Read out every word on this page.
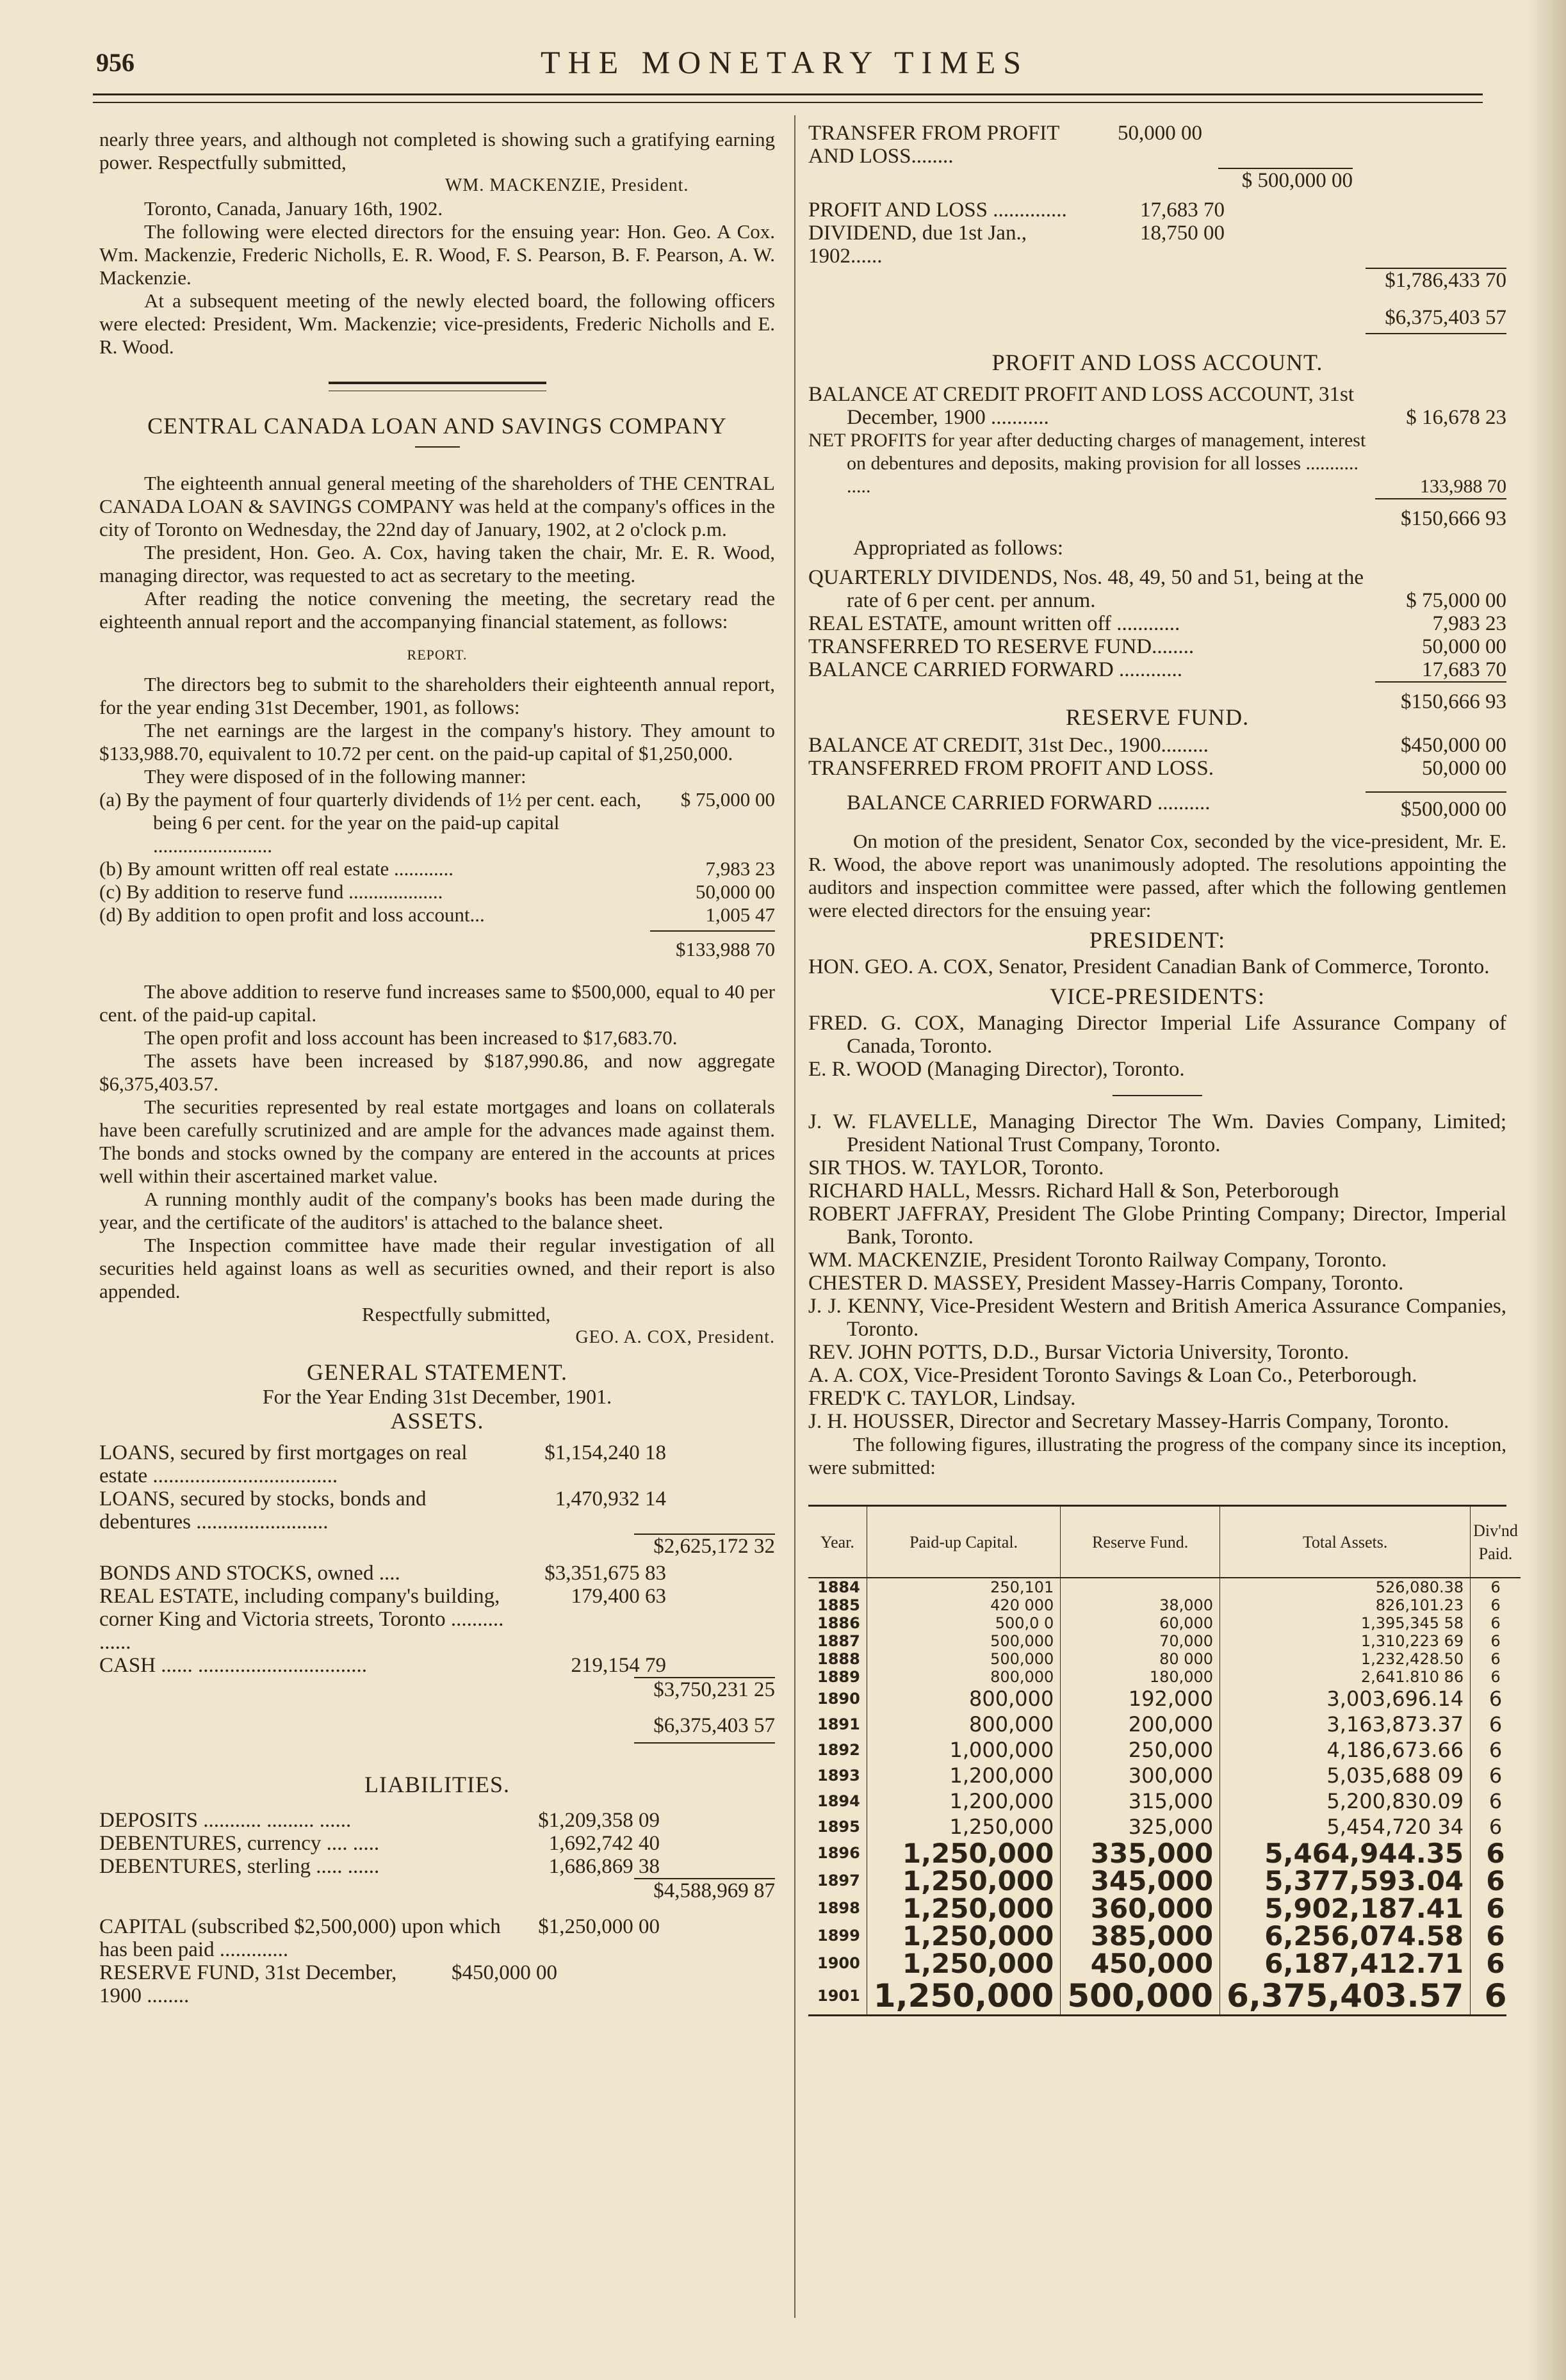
956	THE MONETARY TIMES

nearly three years, and although not completed is showing such a gratifying earning power. Respectfully submitted,

WM. MACKENZIE, President.

Toronto, Canada, January 16th, 1902.

The following were elected directors for the ensuing year: Hon. Geo. A Cox. Wm. Mackenzie, Frederic Nicholls, E. R. Wood, F. S. Pearson, B. F. Pearson, A. W. Mackenzie.

At a subsequent meeting of the newly elected board, the following officers were elected: President, Wm. Mackenzie; vice-presidents, Frederic Nicholls and E. R. Wood.

CENTRAL CANADA LOAN AND SAVINGS COMPANY

The eighteenth annual general meeting of the shareholders of THE CENTRAL CANADA LOAN & SAVINGS COMPANY was held at the company's offices in the city of Toronto on Wednesday, the 22nd day of January, 1902, at 2 o'clock p.m.

The president, Hon. Geo. A. Cox, having taken the chair, Mr. E. R. Wood, managing director, was requested to act as secretary to the meeting.

After reading the notice convening the meeting, the secretary read the eighteenth annual report and the accompanying financial statement, as follows:

REPORT.

The directors beg to submit to the shareholders their eighteenth annual report, for the year ending 31st December, 1901, as follows:

The net earnings are the largest in the company's history. They amount to $133,988.70, equivalent to 10.72 per cent. on the paid-up capital of $1,250,000.

They were disposed of in the following manner:

(a) By the payment of four quarterly dividends of 1½ per cent. each, being 6 per cent. for the year on the paid-up capital ........................
$ 75,000 00
(b) By amount written off real estate ............	7,983 23
(c) By addition to reserve fund ...................	50,000 00
(d) By addition to open profit and loss account...	1,005 47
$133,988 70

The above addition to reserve fund increases same to $500,000, equal to 40 per cent. of the paid-up capital.

The open profit and loss account has been increased to $17,683.70.

The assets have been increased by $187,990.86, and now aggregate $6,375,403.57.

The securities represented by real estate mortgages and loans on collaterals have been carefully scrutinized and are ample for the advances made against them. The bonds and stocks owned by the company are entered in the accounts at prices well within their ascertained market value.

A running monthly audit of the company's books has been made during the year, and the certificate of the auditors' is attached to the balance sheet.

The Inspection committee have made their regular investigation of all securities held against loans as well as securities owned, and their report is also appended.

Respectfully submitted,

GEO. A. COX, President.

GENERAL STATEMENT.
For the Year Ending 31st December, 1901.
ASSETS.
LOANS, secured by first mortgages on real estate ...................................
$1,154,240 18
LOANS, secured by stocks, bonds and debentures .........................
1,470,932 14
$2,625,172 32
BONDS AND STOCKS, owned ....	$3,351,675 83
REAL ESTATE, including company's building, corner King and Victoria streets, Toronto .......... ......
179,400 63
CASH ...... ................................	219,154 79
$3,750,231 25
$6,375,403 57
LIABILITIES.
DEPOSITS ........... ......... ......	$1,209,358 09
DEBENTURES, currency .... .....	1,692,742 40
DEBENTURES, sterling ..... ......	1,686,869 38
$4,588,969 87
CAPITAL (subscribed $2,500,000) upon which has been paid .............
$1,250,000 00
RESERVE FUND, 31st December, 1900 ........
$450,000 00
TRANSFER FROM PROFIT AND LOSS........
50,000 00
$ 500,000 00
PROFIT AND LOSS ..............	17,683 70
DIVIDEND, due 1st Jan., 1902......
18,750 00
$1,786,433 70
$6,375,403 57
PROFIT AND LOSS ACCOUNT.
BALANCE AT CREDIT PROFIT AND LOSS ACCOUNT, 31st December, 1900 ...........	$ 16,678 23
NET PROFITS for year after deducting charges of management, interest on debentures and deposits, making provision for all losses ........... .....	133,988 70
$150,666 93

Appropriated as follows:

QUARTERLY DIVIDENDS, Nos. 48, 49, 50 and 51, being at the rate of 6 per cent. per annum.	$ 75,000 00
REAL ESTATE, amount written off ............	7,983 23
TRANSFERRED TO RESERVE FUND........	50,000 00
BALANCE CARRIED FORWARD ............	17,683 70
$150,666 93
RESERVE FUND.
BALANCE AT CREDIT, 31st Dec., 1900.........	$450,000 00
TRANSFERRED FROM PROFIT AND LOSS.	50,000 00
BALANCE CARRIED FORWARD ..........	$500,000 00

On motion of the president, Senator Cox, seconded by the vice-president, Mr. E. R. Wood, the above report was unanimously adopted. The resolutions appointing the auditors and inspection committee were passed, after which the following gentlemen were elected directors for the ensuing year:

PRESIDENT:

HON. GEO. A. COX, Senator, President Canadian Bank of Commerce, Toronto.

VICE-PRESIDENTS:

FRED. G. COX, Managing Director Imperial Life Assurance Company of Canada, Toronto.

E. R. WOOD (Managing Director), Toronto.

J. W. FLAVELLE, Managing Director The Wm. Davies Company, Limited; President National Trust Company, Toronto.

SIR THOS. W. TAYLOR, Toronto.

RICHARD HALL, Messrs. Richard Hall & Son, Peterborough

ROBERT JAFFRAY, President The Globe Printing Company; Director, Imperial Bank, Toronto.

WM. MACKENZIE, President Toronto Railway Company, Toronto.

CHESTER D. MASSEY, President Massey-Harris Company, Toronto.

J. J. KENNY, Vice-President Western and British America Assurance Companies, Toronto.

REV. JOHN POTTS, D.D., Bursar Victoria University, Toronto.

A. A. COX, Vice-President Toronto Savings & Loan Co., Peterborough.

FRED'K C. TAYLOR, Lindsay.

J. H. HOUSSER, Director and Secretary Massey-Harris Company, Toronto.

The following figures, illustrating the progress of the company since its inception, were submitted:

Year.	Paid-up Capital.	Reserve Fund.	Total Assets.	Div'nd Paid.
1884	250,101		526,080.38	6
1885	420 000	38,000	826,101.23	6
1886	500,0 0	60,000	1,395,345 58	6
1887	500,000	70,000	1,310,223 69	6
1888	500,000	80 000	1,232,428.50	6
1889	800,000	180,000	2,641.810 86	6
1890	800,000	192,000	3,003,696.14	6
1891	800,000	200,000	3,163,873.37	6
1892	1,000,000	250,000	4,186,673.66	6
1893	1,200,000	300,000	5,035,688 09	6
1894	1,200,000	315,000	5,200,830.09	6
1895	1,250,000	325,000	5,454,720 34	6
1896	1,250,000	335,000	5,464,944.35	6
1897	1,250,000	345,000	5,377,593.04	6
1898	1,250,000	360,000	5,902,187.41	6
1899	1,250,000	385,000	6,256,074.58	6
1900	1,250,000	450,000	6,187,412.71	6
1901	1,250,000	500,000	6,375,403.57	6
